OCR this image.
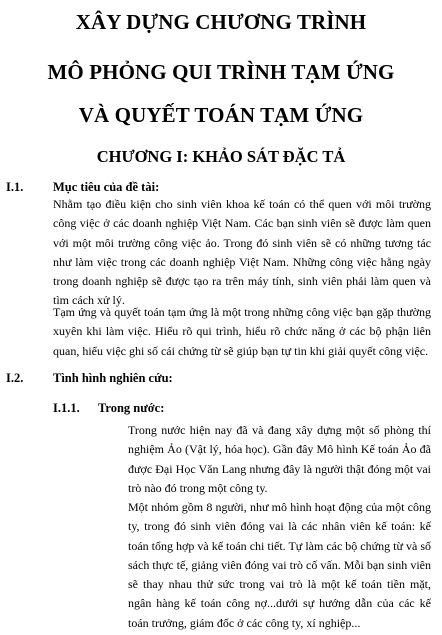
XÂY DỰNG CHƯƠNG TRÌNH
MÔ PHỎNG QUI TRÌNH TẠM ỨNG
VÀ QUYẾT TOÁN TẠM ỨNG
CHƯƠNG I: KHẢO SÁT ĐẶC TẢ
I.1. Mục tiêu của đề tài:

Nhằm tạo điều kiện cho sinh viên khoa kế toán có thể quen với môi trường công việc ở các doanh nghiệp Việt Nam. Các bạn sinh viên sẽ được làm quen với một môi trường công việc ảo. Trong đó sinh viên sẽ có những tương tác như làm việc trong các doanh nghiệp Việt Nam. Những công việc hằng ngày trong doanh nghiệp sẽ được tạo ra trên máy tính, sinh viên phải làm quen và tìm cách xử lý.

Tạm ứng và quyết toán tạm ứng là một trong những công việc bạn gặp thường xuyên khi làm việc. Hiểu rõ qui trình, hiểu rõ chức năng ở các bộ phận liên quan, hiểu việc ghi số cái chứng từ sẽ giúp bạn tự tin khi giải quyết công việc.

I.2. Tình hình nghiên cứu:
I.1.1. Trong nước:

Trong nước hiện nay đã và đang xây dựng một số phòng thí nghiệm Ảo (Vật lý, hóa học). Gần đây Mô hình Kế toán Ảo đã được Đại Học Văn Lang nhưng đây là người thật đóng một vai trò nào đó trong một công ty.

Một nhóm gồm 8 người, như mô hình hoạt động của một công ty, trong đó sinh viên đóng vai là các nhân viên kế toán: kế toán tổng hợp và kế toán chi tiết. Tự làm các bộ chứng từ và số sách thực tế, giảng viên đóng vai trò cố vấn. Mỗi bạn sinh viên sẽ thay nhau thử sức trong vai trò là một kế toán tiền mặt, ngân hàng kế toán công nợ...dưới sự hướng dẫn của các kế toán trưởng, giám đốc ở các công ty, xí nghiệp...
